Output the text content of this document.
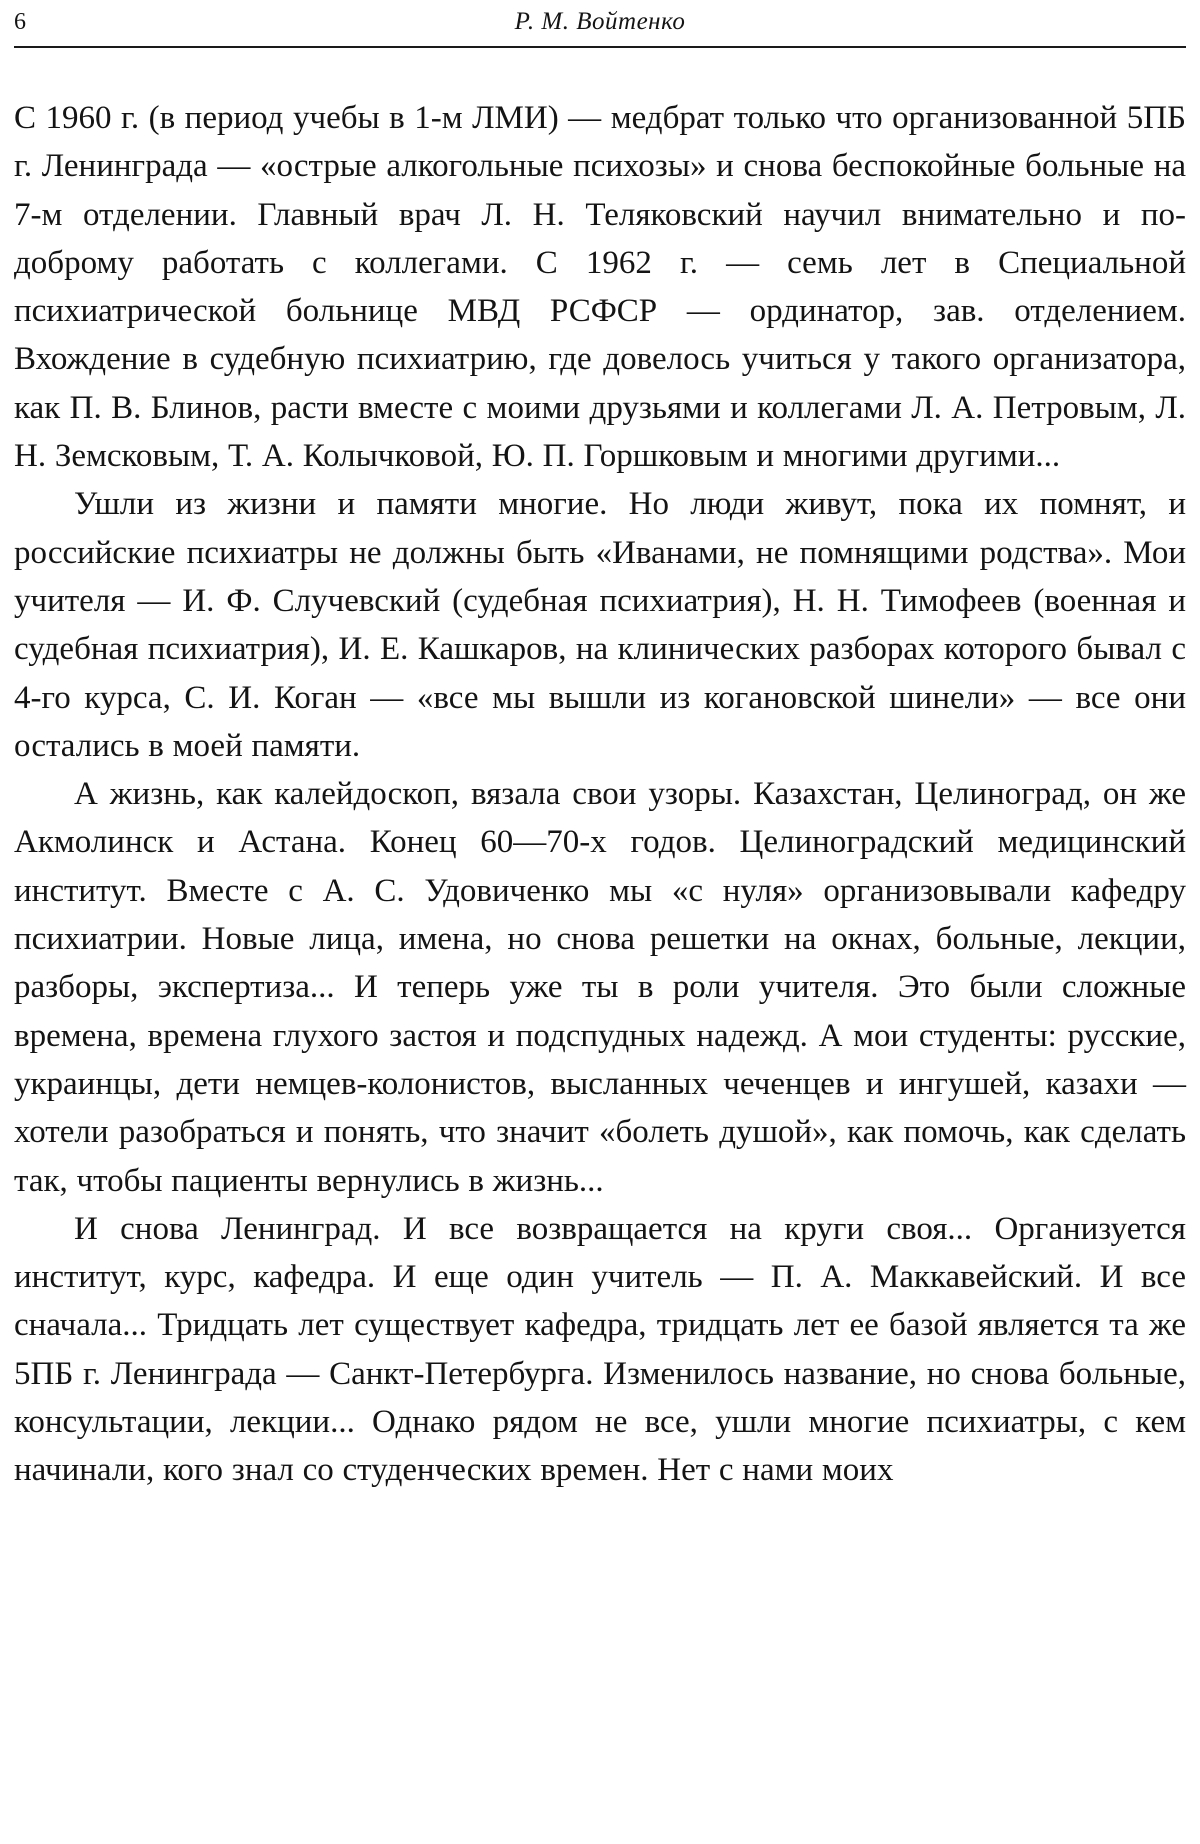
6	Р. М. Войтенко

С 1960 г. (в период учебы в 1-м ЛМИ) — медбрат только что организованной 5ПБ г. Ленинграда — «острые алкогольные психозы» и снова беспокойные больные на 7-м отделении. Главный врач Л. Н. Теляковский научил внимательно и по-доброму работать с коллегами. С 1962 г. — семь лет в Специальной психиатрической больнице МВД РСФСР — ординатор, зав. отделением. Вхождение в судебную психиатрию, где довелось учиться у такого организатора, как П. В. Блинов, расти вместе с моими друзьями и коллегами Л. А. Петровым, Л. Н. Земсковым, Т. А. Колычковой, Ю. П. Горшковым и многими другими...

Ушли из жизни и памяти многие. Но люди живут, пока их помнят, и российские психиатры не должны быть «Иванами, не помнящими родства». Мои учителя — И. Ф. Случевский (судебная психиатрия), Н. Н. Тимофеев (военная и судебная психиатрия), И. Е. Кашкаров, на клинических разборах которого бывал с 4-го курса, С. И. Коган — «все мы вышли из когановской шинели» — все они остались в моей памяти.

А жизнь, как калейдоскоп, вязала свои узоры. Казахстан, Целиноград, он же Акмолинск и Астана. Конец 60—70-х годов. Целиноградский медицинский институт. Вместе с А. С. Удовиченко мы «с нуля» организовывали кафедру психиатрии. Новые лица, имена, но снова решетки на окнах, больные, лекции, разборы, экспертиза... И теперь уже ты в роли учителя. Это были сложные времена, времена глухого застоя и подспудных надежд. А мои студенты: русские, украинцы, дети немцев-колонистов, высланных чеченцев и ингушей, казахи — хотели разобраться и понять, что значит «болеть душой», как помочь, как сделать так, чтобы пациенты вернулись в жизнь...

И снова Ленинград. И все возвращается на круги своя... Организуется институт, курс, кафедра. И еще один учитель — П. А. Маккавейский. И все сначала... Тридцать лет существует кафедра, тридцать лет ее базой является та же 5ПБ г. Ленинграда — Санкт-Петербурга. Изменилось название, но снова больные, консультации, лекции... Однако рядом не все, ушли многие психиатры, с кем начинали, кого знал со студенческих времен. Нет с нами моих
